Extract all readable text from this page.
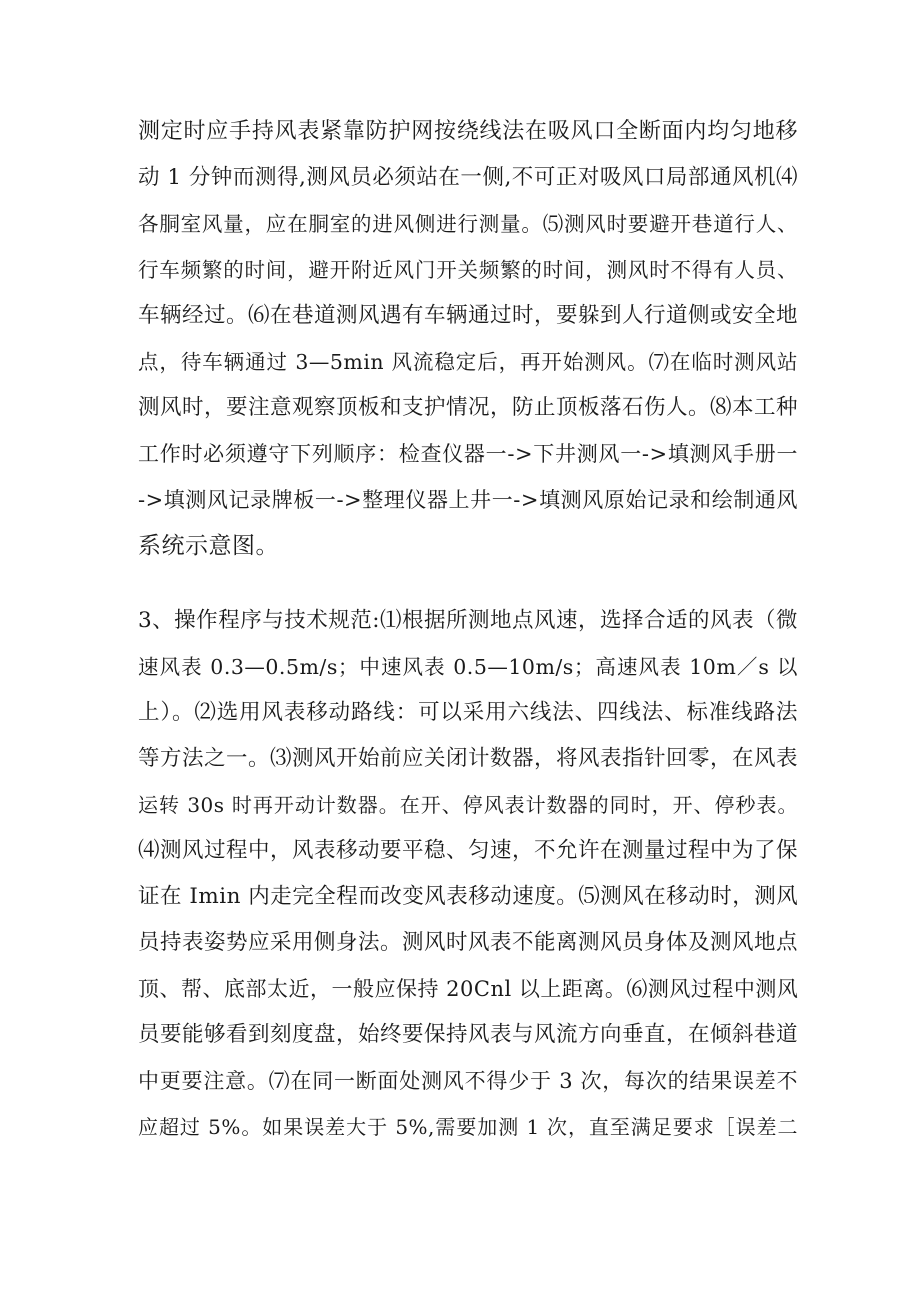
测定时应手持风表紧靠防护网按绕线法在吸风口全断面内均匀地移
动 1 分钟而测得,测风员必须站在一侧,不可正对吸风口局部通风机⑷
各胴室风量，应在胴室的进风侧进行测量。⑸测风时要避开巷道行人、
行车频繁的时间，避开附近风门开关频繁的时间，测风时不得有人员、
车辆经过。⑹在巷道测风遇有车辆通过时，要躲到人行道侧或安全地
点，待车辆通过 3—5min 风流稳定后，再开始测风。⑺在临时测风站
测风时，要注意观察顶板和支护情况，防止顶板落石伤人。⑻本工种
工作时必须遵守下列顺序：检查仪器一->下井测风一->填测风手册一
->填测风记录牌板一->整理仪器上井一->填测风原始记录和绘制通风
系统示意图。
3、操作程序与技术规范:⑴根据所测地点风速，选择合适的风表（微
速风表 0.3—0.5m/s；中速风表 0.5—10m/s；高速风表 10m／s 以
上）。⑵选用风表移动路线：可以采用六线法、四线法、标准线路法
等方法之一。⑶测风开始前应关闭计数器，将风表指针回零，在风表
运转 30s 时再开动计数器。在开、停风表计数器的同时，开、停秒表。
⑷测风过程中，风表移动要平稳、匀速，不允许在测量过程中为了保
证在 Imin 内走完全程而改变风表移动速度。⑸测风在移动时，测风
员持表姿势应采用侧身法。测风时风表不能离测风员身体及测风地点
顶、帮、底部太近，一般应保持 20Cnl 以上距离。⑹测风过程中测风
员要能够看到刻度盘，始终要保持风表与风流方向垂直，在倾斜巷道
中更要注意。⑺在同一断面处测风不得少于 3 次，每次的结果误差不
应超过 5%。如果误差大于 5%,需要加测 1 次，直至满足要求［误差二
